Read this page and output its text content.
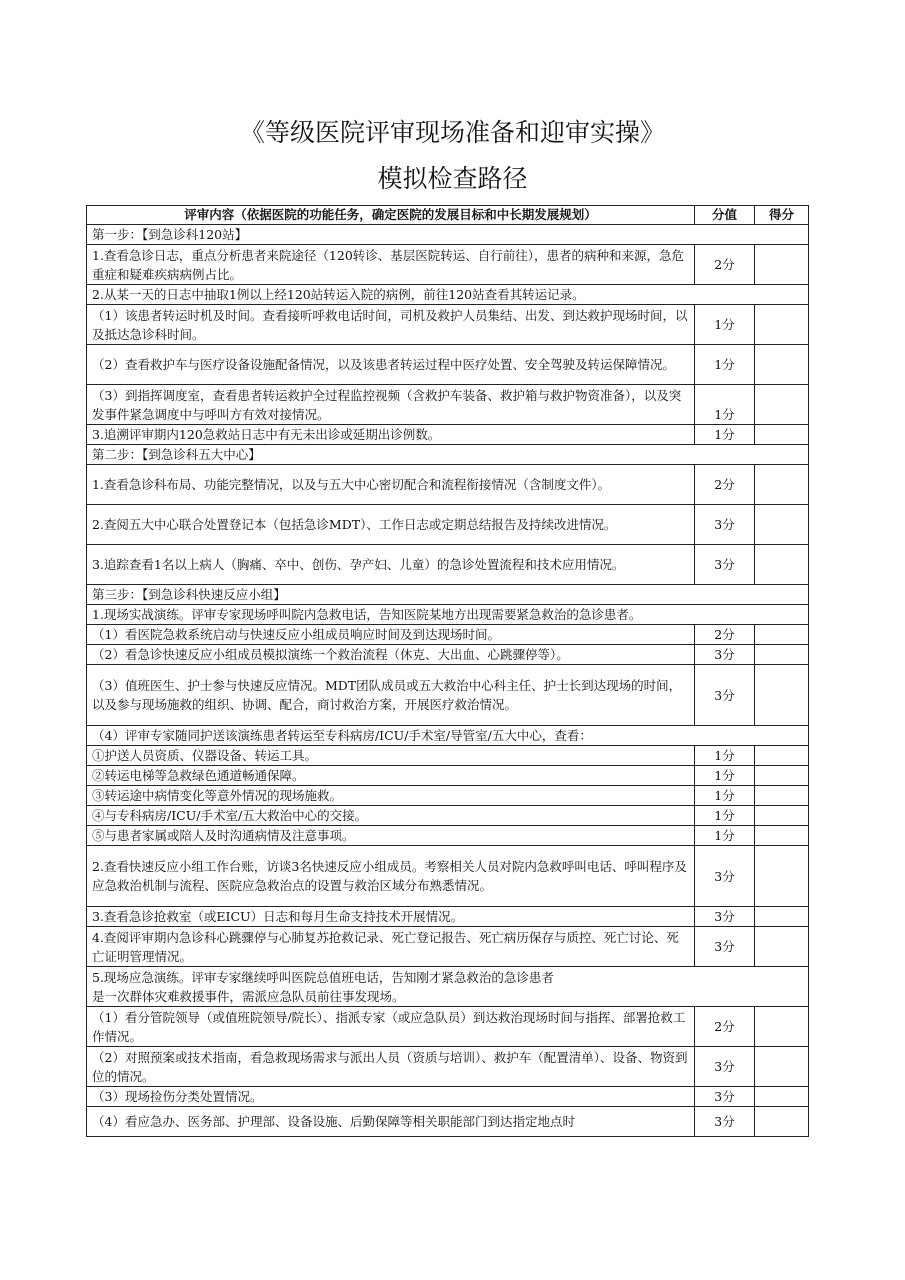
《等级医院评审现场准备和迎审实操》
模拟检查路径
评审内容（依据医院的功能任务，确定医院的发展目标和中长期发展规划）	分值	得分
第一步：【到急诊科120站】		
1.查看急诊日志，重点分析患者来院途径（120转诊、基层医院转运、自行前往），患者的病种和来源，急危重症和疑难疾病病例占比。	2分	
2.从某一天的日志中抽取1例以上经120站转运入院的病例，前往120站查看其转运记录。		
（1）该患者转运时机及时间。查看接听呼救电话时间，司机及救护人员集结、出发、到达救护现场时间，以及抵达急诊科时间。	1分	
（2）查看救护车与医疗设备设施配备情况，以及该患者转运过程中医疗处置、安全驾驶及转运保障情况。	1分	
（3）到指挥调度室，查看患者转运救护全过程监控视频（含救护车装备、救护箱与救护物资准备），以及突发事件紧急调度中与呼叫方有效对接情况。	1分	
3.追溯评审期内120急救站日志中有无未出诊或延期出诊例数。	1分	
第二步：【到急诊科五大中心】		
1.查看急诊科布局、功能完整情况，以及与五大中心密切配合和流程衔接情况（含制度文件）。	2分	
2.查阅五大中心联合处置登记本（包括急诊MDT）、工作日志或定期总结报告及持续改进情况。	3分	
3.追踪查看1名以上病人（胸痛、卒中、创伤、孕产妇、儿童）的急诊处置流程和技术应用情况。	3分	
第三步：【到急诊科快速反应小组】		
1.现场实战演练。评审专家现场呼叫院内急救电话，告知医院某地方出现需要紧急救治的急诊患者。		
（1）看医院急救系统启动与快速反应小组成员响应时间及到达现场时间。	2分	
（2）看急诊快速反应小组成员模拟演练一个救治流程（休克、大出血、心跳骤停等）。	3分	
（3）值班医生、护士参与快速反应情况。MDT团队成员或五大救治中心科主任、护士长到达现场的时间，以及参与现场施救的组织、协调、配合，商讨救治方案，开展医疗救治情况。	3分	
（4）评审专家随同护送该演练患者转运至专科病房/ICU/手术室/导管室/五大中心，查看：		
①护送人员资质、仪器设备、转运工具。	1分	
②转运电梯等急救绿色通道畅通保障。	1分	
③转运途中病情变化等意外情况的现场施救。	1分	
④与专科病房/ICU/手术室/五大救治中心的交接。	1分	
⑤与患者家属或陪人及时沟通病情及注意事项。	1分	
2.查看快速反应小组工作台账，访谈3名快速反应小组成员。考察相关人员对院内急救呼叫电话、呼叫程序及应急救治机制与流程、医院应急救治点的设置与救治区域分布熟悉情况。	3分	
3.查看急诊抢救室（或EICU）日志和每月生命支持技术开展情况。	3分	
4.查阅评审期内急诊科心跳骤停与心肺复苏抢救记录、死亡登记报告、死亡病历保存与质控、死亡讨论、死亡证明管理情况。	3分	
5.现场应急演练。评审专家继续呼叫医院总值班电话，告知刚才紧急救治的急诊患者
是一次群体灾难救援事件，需派应急队员前往事发现场。		
（1）看分管院领导（或值班院领导/院长）、指派专家（或应急队员）到达救治现场时间与指挥、部署抢救工作情况。	2分	
（2）对照预案或技术指南，看急救现场需求与派出人员（资质与培训）、救护车（配置清单）、设备、物资到位的情况。	3分	
（3）现场捡伤分类处置情况。	3分	
（4）看应急办、医务部、护理部、设备设施、后勤保障等相关职能部门到达指定地点时	3分	
